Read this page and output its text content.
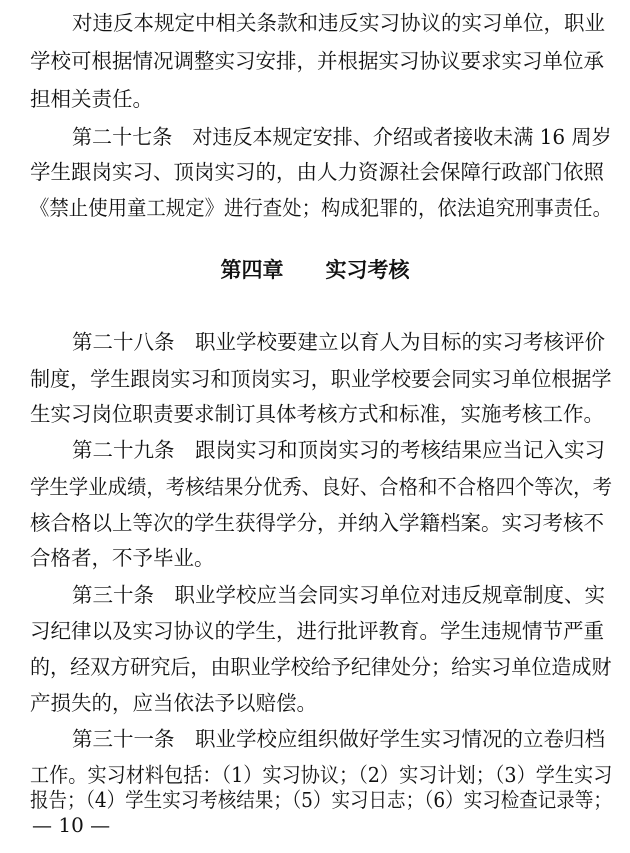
对违反本规定中相关条款和违反实习协议的实习单位，职业
学校可根据情况调整实习安排，并根据实习协议要求实习单位承
担相关责任。
第二十七条　对违反本规定安排、介绍或者接收未满 16 周岁
学生跟岗实习、顶岗实习的，由人力资源社会保障行政部门依照
《禁止使用童工规定》进行查处；构成犯罪的，依法追究刑事责任。
第四章　　实习考核
第二十八条　职业学校要建立以育人为目标的实习考核评价
制度，学生跟岗实习和顶岗实习，职业学校要会同实习单位根据学
生实习岗位职责要求制订具体考核方式和标准，实施考核工作。
第二十九条　跟岗实习和顶岗实习的考核结果应当记入实习
学生学业成绩，考核结果分优秀、良好、合格和不合格四个等次，考
核合格以上等次的学生获得学分，并纳入学籍档案。实习考核不
合格者，不予毕业。
第三十条　职业学校应当会同实习单位对违反规章制度、实
习纪律以及实习协议的学生，进行批评教育。学生违规情节严重
的，经双方研究后，由职业学校给予纪律处分；给实习单位造成财
产损失的，应当依法予以赔偿。
第三十一条　职业学校应组织做好学生实习情况的立卷归档
工作。实习材料包括：（1）实习协议；（2）实习计划；（3）学生实习
报告；（4）学生实习考核结果；（5）实习日志；（6）实习检查记录等；
— 10 —
